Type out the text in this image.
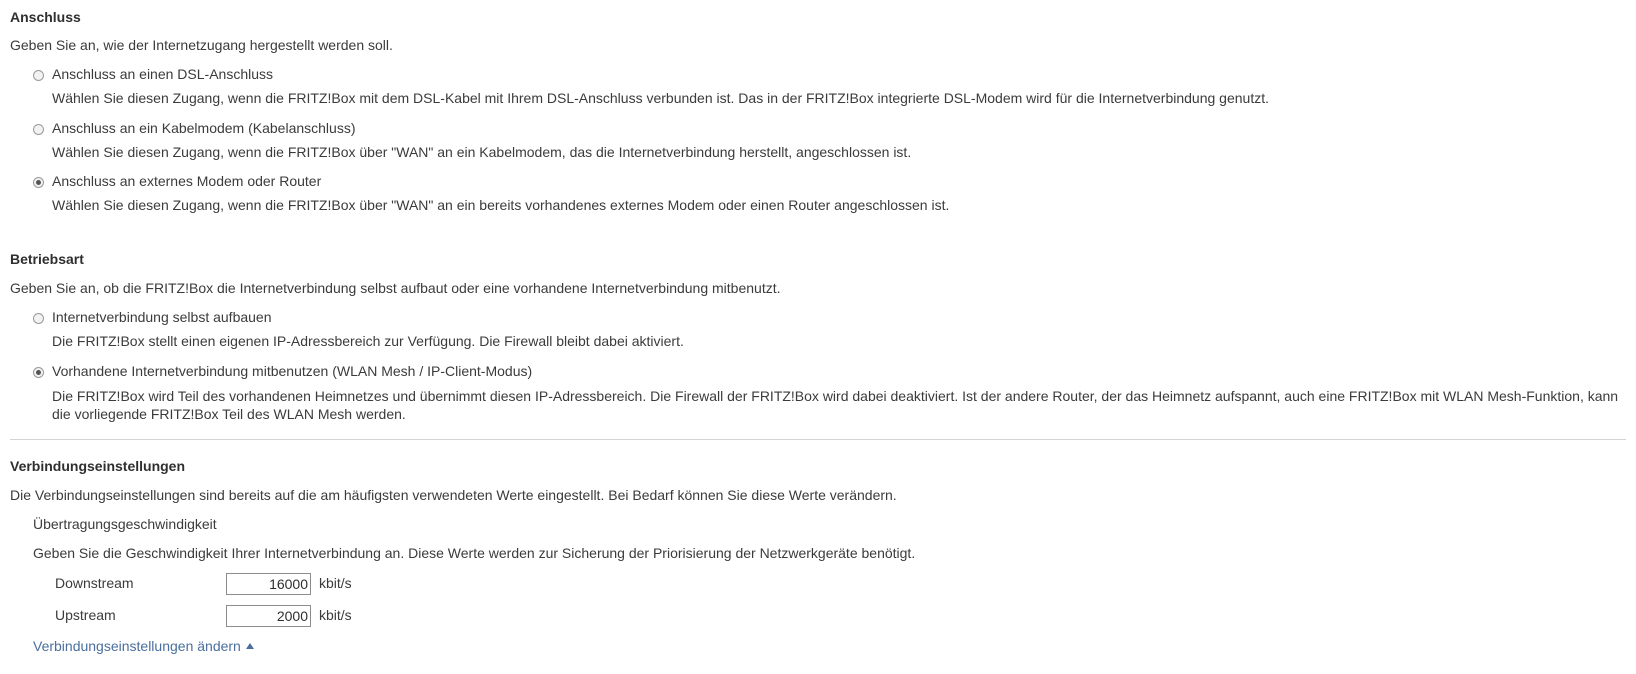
Anschluss
Geben Sie an, wie der Internetzugang hergestellt werden soll.
Anschluss an einen DSL-Anschluss
Wählen Sie diesen Zugang, wenn die FRITZ!Box mit dem DSL-Kabel mit Ihrem DSL-Anschluss verbunden ist. Das in der FRITZ!Box integrierte DSL-Modem wird für die Internetverbindung genutzt.
Anschluss an ein Kabelmodem (Kabelanschluss)
Wählen Sie diesen Zugang, wenn die FRITZ!Box über "WAN" an ein Kabelmodem, das die Internetverbindung herstellt, angeschlossen ist.
Anschluss an externes Modem oder Router
Wählen Sie diesen Zugang, wenn die FRITZ!Box über "WAN" an ein bereits vorhandenes externes Modem oder einen Router angeschlossen ist.
Betriebsart
Geben Sie an, ob die FRITZ!Box die Internetverbindung selbst aufbaut oder eine vorhandene Internetverbindung mitbenutzt.
Internetverbindung selbst aufbauen
Die FRITZ!Box stellt einen eigenen IP-Adressbereich zur Verfügung. Die Firewall bleibt dabei aktiviert.
Vorhandene Internetverbindung mitbenutzen (WLAN Mesh / IP-Client-Modus)
Die FRITZ!Box wird Teil des vorhandenen Heimnetzes und übernimmt diesen IP-Adressbereich. Die Firewall der FRITZ!Box wird dabei deaktiviert. Ist der andere Router, der das Heimnetz aufspannt, auch eine FRITZ!Box mit WLAN Mesh-Funktion, kann die vorliegende FRITZ!Box Teil des WLAN Mesh werden.
Verbindungseinstellungen
Die Verbindungseinstellungen sind bereits auf die am häufigsten verwendeten Werte eingestellt. Bei Bedarf können Sie diese Werte verändern.
Übertragungsgeschwindigkeit
Geben Sie die Geschwindigkeit Ihrer Internetverbindung an. Diese Werte werden zur Sicherung der Priorisierung der Netzwerkgeräte benötigt.
Downstream
16000	kbit/s
Upstream
2000	kbit/s
Verbindungseinstellungen ändern
